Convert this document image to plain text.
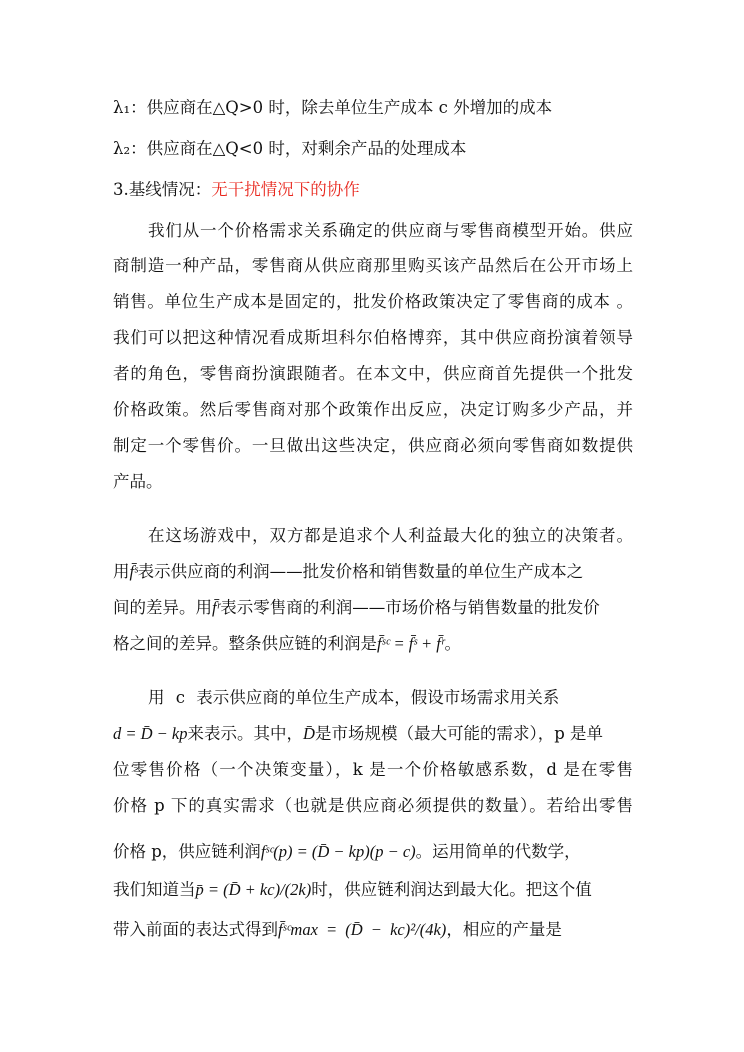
λ₁：供应商在△Q>0 时，除去单位生产成本 c 外增加的成本
λ₂：供应商在△Q<0 时，对剩余产品的处理成本
3.基线情况：无干扰情况下的协作
我们从一个价格需求关系确定的供应商与零售商模型开始。供应
商制造一种产品，零售商从供应商那里购买该产品然后在公开市场上
销售。单位生产成本是固定的，批发价格政策决定了零售商的成本 。
我们可以把这种情况看成斯坦科尔伯格博弈，其中供应商扮演着领导
者的角色，零售商扮演跟随者。在本文中，供应商首先提供一个批发
价格政策。然后零售商对那个政策作出反应，决定订购多少产品，并
制定一个零售价。一旦做出这些决定，供应商必须向零售商如数提供
产品。
在这场游戏中，双方都是追求个人利益最大化的独立的决策者。
用f̄ˢ表示供应商的利润——批发价格和销售数量的单位生产成本之
间的差异。用f̄ʳ表示零售商的利润——市场价格与销售数量的批发价
格之间的差异。整条供应链的利润是f̄ˢᶜ = f̄ˢ + f̄ʳ。
用 c 表示供应商的单位生产成本，假设市场需求用关系
d = D̄ − kp来表示。其中，D̄是市场规模（最大可能的需求），p 是单
位零售价格（一个决策变量），k 是一个价格敏感系数，d 是在零售
价格 p 下的真实需求（也就是供应商必须提供的数量）。若给出零售
价格 p，供应链利润fˢᶜ(p) = (D̄ − kp)(p − c)。运用简单的代数学，
我们知道当p̄ = (D̄ + kc)/(2k)时，供应链利润达到最大化。把这个值
带入前面的表达式得到f̄ˢᶜmax = (D̄ − kc)²/(4k)，相应的产量是
